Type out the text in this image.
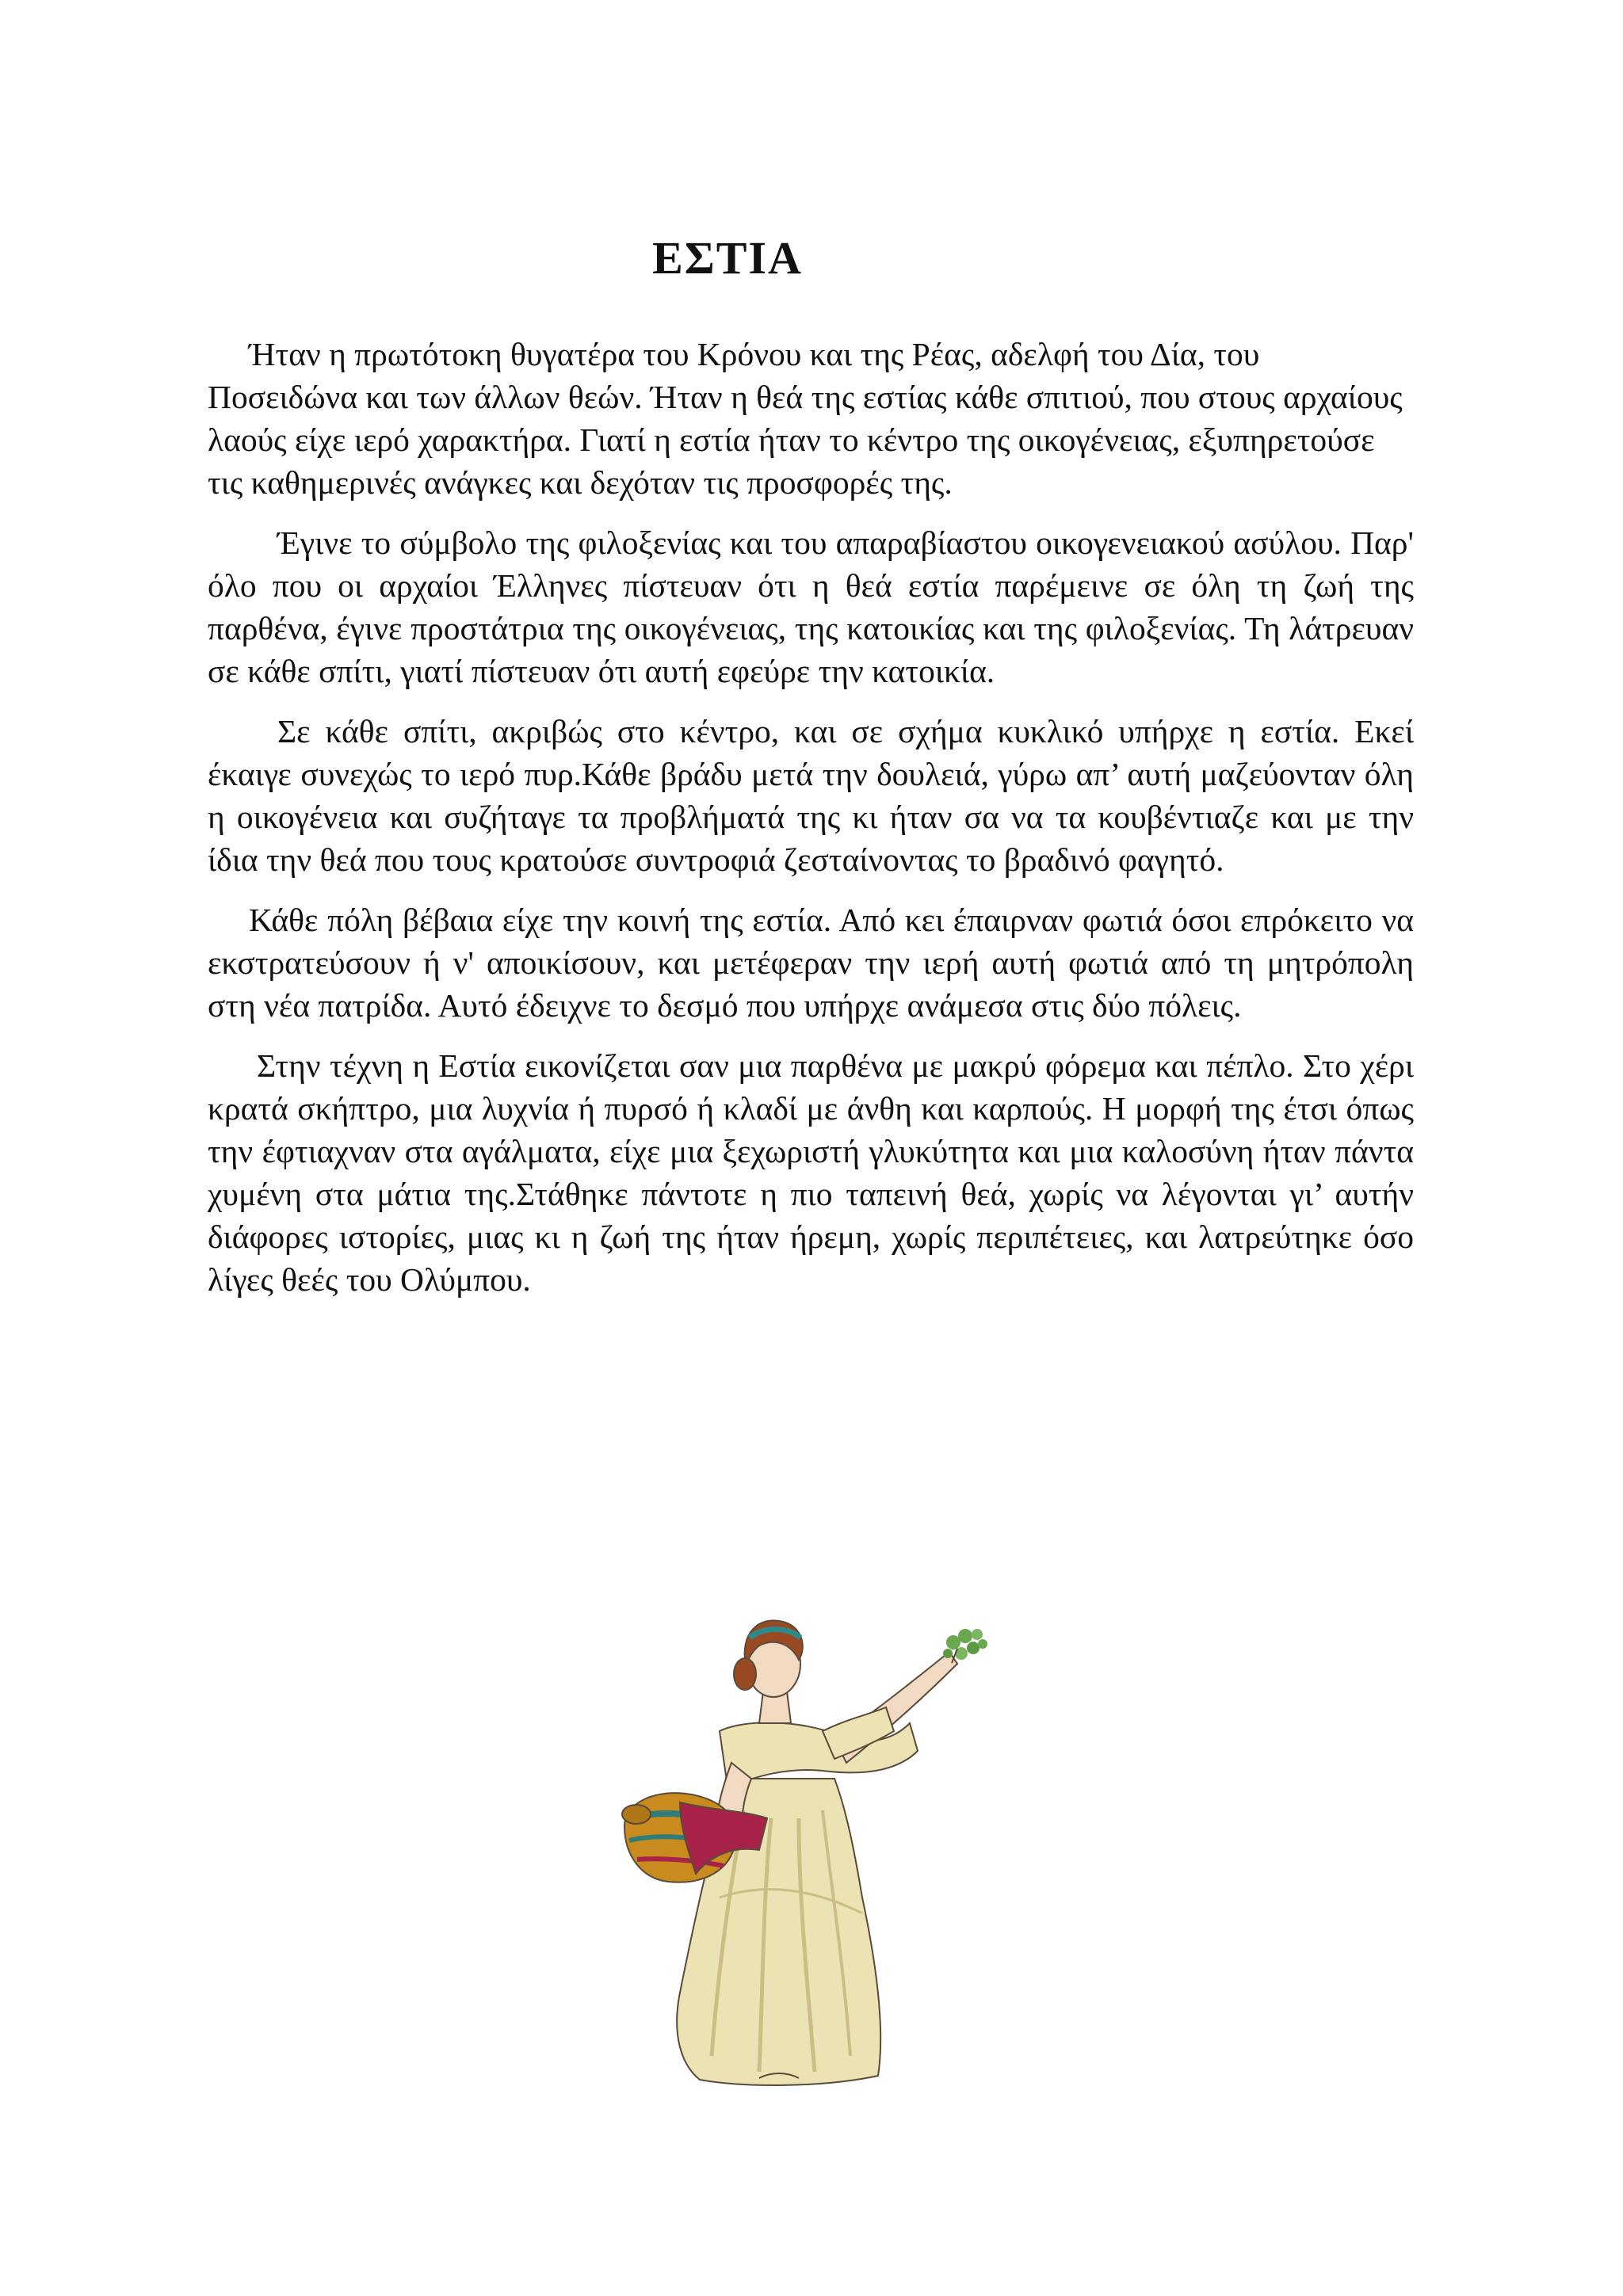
ΕΣΤΙΑ

Ήταν η πρωτότοκη θυγατέρα του Κρόνου και της Ρέας, αδελφή του Δία, του Ποσειδώνα και των άλλων θεών. Ήταν η θεά της εστίας κάθε σπιτιού, που στους αρχαίους λαούς είχε ιερό χαρακτήρα. Γιατί η εστία ήταν το κέντρο της οικογένειας, εξυπηρετούσε τις καθημερινές ανάγκες και δεχόταν τις προσφορές της.

Έγινε το σύμβολο της φιλοξενίας και του απαραβίαστου οικογενειακού ασύλου. Παρ' όλο που οι αρχαίοι Έλληνες πίστευαν ότι η θεά εστία παρέμεινε σε όλη τη ζωή της παρθένα, έγινε προστάτρια της οικογένειας, της κατοικίας και της φιλοξενίας. Τη λάτρευαν σε κάθε σπίτι, γιατί πίστευαν ότι αυτή εφεύρε την κατοικία.

Σε κάθε σπίτι, ακριβώς στο κέντρο, και σε σχήμα κυκλικό υπήρχε η εστία. Εκεί έκαιγε συνεχώς το ιερό πυρ.Κάθε βράδυ μετά την δουλειά, γύρω απ’ αυτή μαζεύονταν όλη η οικογένεια και συζήταγε τα προβλήματά της κι ήταν σα να τα κουβέντιαζε και με την ίδια την θεά που τους κρατούσε συντροφιά ζεσταίνοντας το βραδινό φαγητό.

Κάθε πόλη βέβαια είχε την κοινή της εστία. Από κει έπαιρναν φωτιά όσοι επρόκειτο να εκστρατεύσουν ή ν' αποικίσουν, και μετέφεραν την ιερή αυτή φωτιά από τη μητρόπολη στη νέα πατρίδα. Αυτό έδειχνε το δεσμό που υπήρχε ανάμεσα στις δύο πόλεις.

Στην τέχνη η Εστία εικονίζεται σαν μια παρθένα με μακρύ φόρεμα και πέπλο. Στο χέρι κρατά σκήπτρο, μια λυχνία ή πυρσό ή κλαδί με άνθη και καρπούς. Η μορφή της έτσι όπως την έφτιαχναν στα αγάλματα, είχε μια ξεχωριστή γλυκύτητα και μια καλοσύνη ήταν πάντα χυμένη στα μάτια της.Στάθηκε πάντοτε η πιο ταπεινή θεά, χωρίς να λέγονται γι’ αυτήν διάφορες ιστορίες, μιας κι η ζωή της ήταν ήρεμη, χωρίς περιπέτειες, και λατρεύτηκε όσο λίγες θεές του Ολύμπου.
